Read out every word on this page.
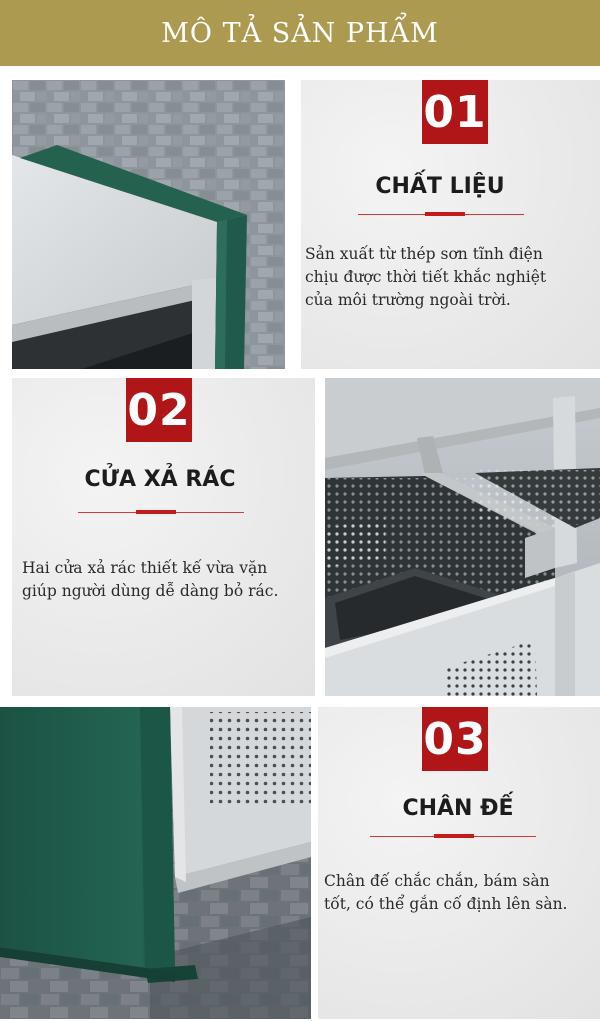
MÔ TẢ SẢN PHẨM
01
CHẤT LIỆU
Sản xuất từ thép sơn tĩnh điện
chịu được thời tiết khắc nghiệt
của môi trường ngoài trời.
02
CỬA XẢ RÁC
Hai cửa xả rác thiết kế vừa vặn
giúp người dùng dễ dàng bỏ rác.
03
CHÂN ĐẾ
Chân đế chắc chắn, bám sàn
tốt, có thể gắn cố định lên sàn.
